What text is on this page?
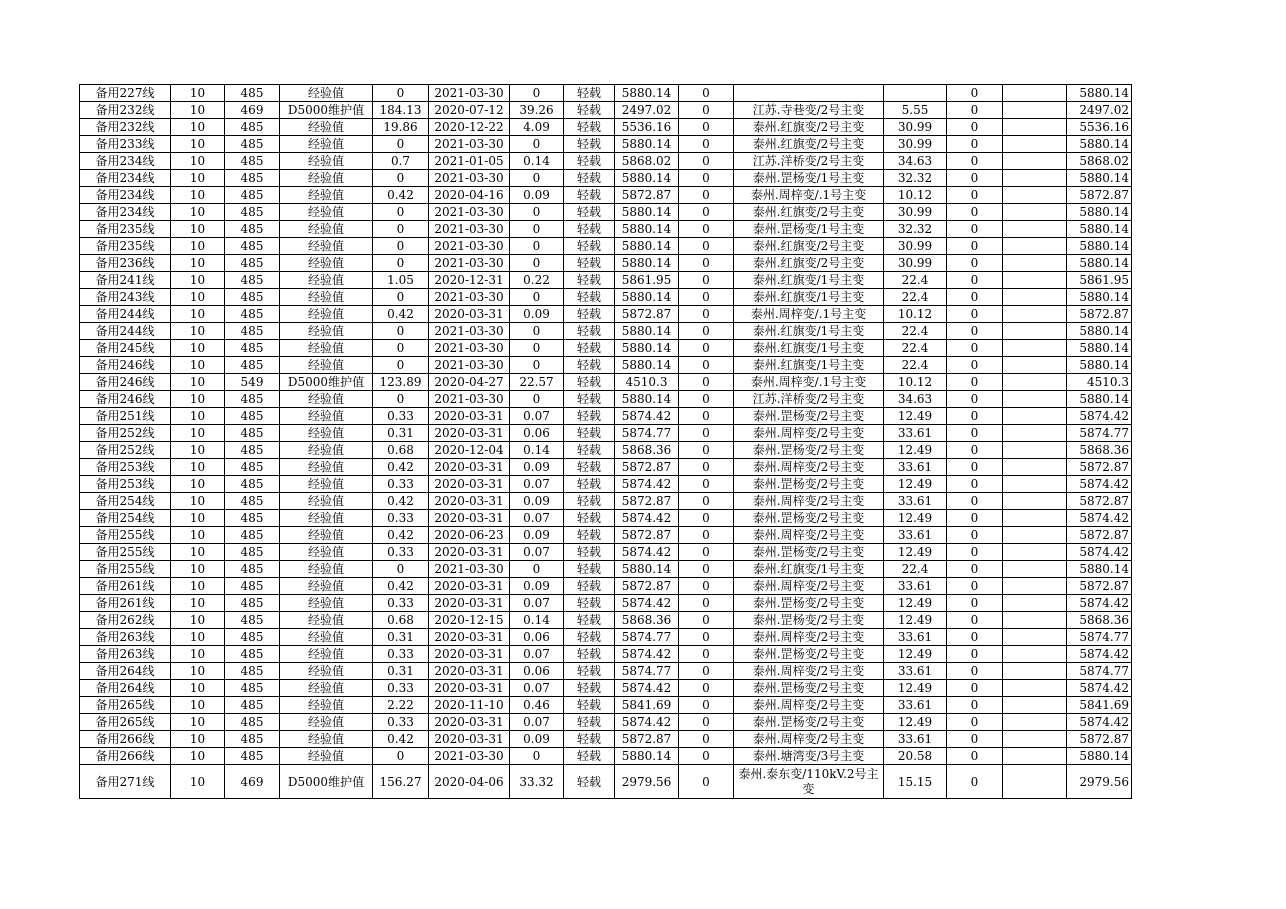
备用227线	10	485	经验值	0	2021-03-30	0	轻载	5880.14	0			0		5880.14
备用232线	10	469	D5000维护值	184.13	2020-07-12	39.26	轻载	2497.02	0	江苏.寺巷变/2号主变	5.55	0		2497.02
备用232线	10	485	经验值	19.86	2020-12-22	4.09	轻载	5536.16	0	泰州.红旗变/2号主变	30.99	0		5536.16
备用233线	10	485	经验值	0	2021-03-30	0	轻载	5880.14	0	泰州.红旗变/2号主变	30.99	0		5880.14
备用234线	10	485	经验值	0.7	2021-01-05	0.14	轻载	5868.02	0	江苏.洋桥变/2号主变	34.63	0		5868.02
备用234线	10	485	经验值	0	2021-03-30	0	轻载	5880.14	0	泰州.罡杨变/1号主变	32.32	0		5880.14
备用234线	10	485	经验值	0.42	2020-04-16	0.09	轻载	5872.87	0	泰州.周梓变/.1号主变	10.12	0		5872.87
备用234线	10	485	经验值	0	2021-03-30	0	轻载	5880.14	0	泰州.红旗变/2号主变	30.99	0		5880.14
备用235线	10	485	经验值	0	2021-03-30	0	轻载	5880.14	0	泰州.罡杨变/1号主变	32.32	0		5880.14
备用235线	10	485	经验值	0	2021-03-30	0	轻载	5880.14	0	泰州.红旗变/2号主变	30.99	0		5880.14
备用236线	10	485	经验值	0	2021-03-30	0	轻载	5880.14	0	泰州.红旗变/2号主变	30.99	0		5880.14
备用241线	10	485	经验值	1.05	2020-12-31	0.22	轻载	5861.95	0	泰州.红旗变/1号主变	22.4	0		5861.95
备用243线	10	485	经验值	0	2021-03-30	0	轻载	5880.14	0	泰州.红旗变/1号主变	22.4	0		5880.14
备用244线	10	485	经验值	0.42	2020-03-31	0.09	轻载	5872.87	0	泰州.周梓变/.1号主变	10.12	0		5872.87
备用244线	10	485	经验值	0	2021-03-30	0	轻载	5880.14	0	泰州.红旗变/1号主变	22.4	0		5880.14
备用245线	10	485	经验值	0	2021-03-30	0	轻载	5880.14	0	泰州.红旗变/1号主变	22.4	0		5880.14
备用246线	10	485	经验值	0	2021-03-30	0	轻载	5880.14	0	泰州.红旗变/1号主变	22.4	0		5880.14
备用246线	10	549	D5000维护值	123.89	2020-04-27	22.57	轻载	4510.3	0	泰州.周梓变/.1号主变	10.12	0		4510.3
备用246线	10	485	经验值	0	2021-03-30	0	轻载	5880.14	0	江苏.洋桥变/2号主变	34.63	0		5880.14
备用251线	10	485	经验值	0.33	2020-03-31	0.07	轻载	5874.42	0	泰州.罡杨变/2号主变	12.49	0		5874.42
备用252线	10	485	经验值	0.31	2020-03-31	0.06	轻载	5874.77	0	泰州.周梓变/2号主变	33.61	0		5874.77
备用252线	10	485	经验值	0.68	2020-12-04	0.14	轻载	5868.36	0	泰州.罡杨变/2号主变	12.49	0		5868.36
备用253线	10	485	经验值	0.42	2020-03-31	0.09	轻载	5872.87	0	泰州.周梓变/2号主变	33.61	0		5872.87
备用253线	10	485	经验值	0.33	2020-03-31	0.07	轻载	5874.42	0	泰州.罡杨变/2号主变	12.49	0		5874.42
备用254线	10	485	经验值	0.42	2020-03-31	0.09	轻载	5872.87	0	泰州.周梓变/2号主变	33.61	0		5872.87
备用254线	10	485	经验值	0.33	2020-03-31	0.07	轻载	5874.42	0	泰州.罡杨变/2号主变	12.49	0		5874.42
备用255线	10	485	经验值	0.42	2020-06-23	0.09	轻载	5872.87	0	泰州.周梓变/2号主变	33.61	0		5872.87
备用255线	10	485	经验值	0.33	2020-03-31	0.07	轻载	5874.42	0	泰州.罡杨变/2号主变	12.49	0		5874.42
备用255线	10	485	经验值	0	2021-03-30	0	轻载	5880.14	0	泰州.红旗变/1号主变	22.4	0		5880.14
备用261线	10	485	经验值	0.42	2020-03-31	0.09	轻载	5872.87	0	泰州.周梓变/2号主变	33.61	0		5872.87
备用261线	10	485	经验值	0.33	2020-03-31	0.07	轻载	5874.42	0	泰州.罡杨变/2号主变	12.49	0		5874.42
备用262线	10	485	经验值	0.68	2020-12-15	0.14	轻载	5868.36	0	泰州.罡杨变/2号主变	12.49	0		5868.36
备用263线	10	485	经验值	0.31	2020-03-31	0.06	轻载	5874.77	0	泰州.周梓变/2号主变	33.61	0		5874.77
备用263线	10	485	经验值	0.33	2020-03-31	0.07	轻载	5874.42	0	泰州.罡杨变/2号主变	12.49	0		5874.42
备用264线	10	485	经验值	0.31	2020-03-31	0.06	轻载	5874.77	0	泰州.周梓变/2号主变	33.61	0		5874.77
备用264线	10	485	经验值	0.33	2020-03-31	0.07	轻载	5874.42	0	泰州.罡杨变/2号主变	12.49	0		5874.42
备用265线	10	485	经验值	2.22	2020-11-10	0.46	轻载	5841.69	0	泰州.周梓变/2号主变	33.61	0		5841.69
备用265线	10	485	经验值	0.33	2020-03-31	0.07	轻载	5874.42	0	泰州.罡杨变/2号主变	12.49	0		5874.42
备用266线	10	485	经验值	0.42	2020-03-31	0.09	轻载	5872.87	0	泰州.周梓变/2号主变	33.61	0		5872.87
备用266线	10	485	经验值	0	2021-03-30	0	轻载	5880.14	0	泰州.塘湾变/3号主变	20.58	0		5880.14
备用271线	10	469	D5000维护值	156.27	2020-04-06	33.32	轻载	2979.56	0	泰州.泰东变/110kV.2号主变	15.15	0		2979.56
